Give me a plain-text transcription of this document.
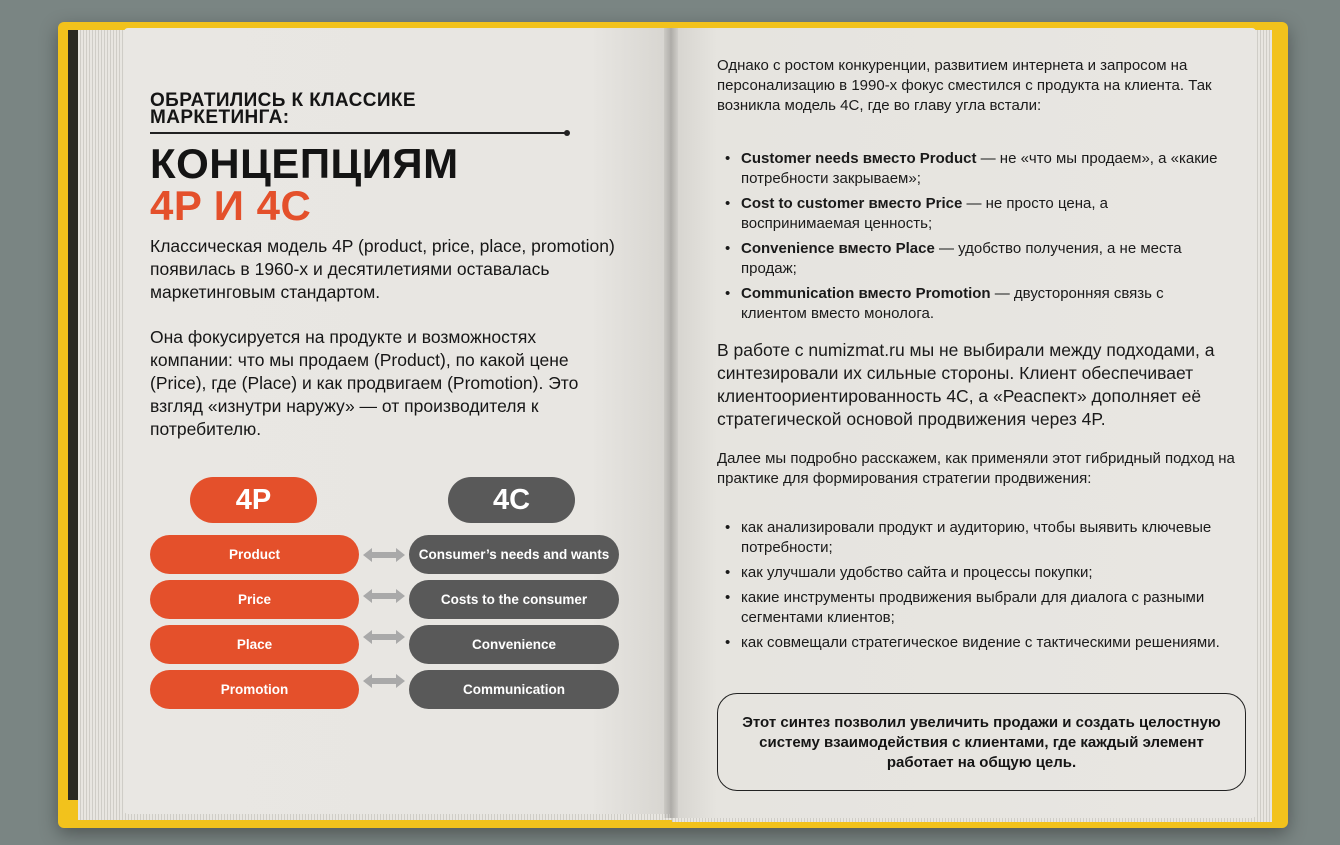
ОБРАТИЛИСЬ К КЛАССИКЕ МАРКЕТИНГА:
КОНЦЕПЦИЯМ
4P И 4C

Классическая модель 4P (product, price, place, promotion) появилась в 1960-х и десятилетиями оставалась маркетинговым стандартом.

Она фокусируется на продукте и возможностях компании: что мы продаем (Product), по какой цене (Price), где (Place) и как продвигаем (Promotion). Это взгляд «изнутри наружу» — от производителя к потребителю.

4P	4C
Product	Consumer’s needs and wants
Price	Costs to the consumer
Place	Convenience
Promotion	Communication

Однако с ростом конкуренции, развитием интернета и запросом на персонализацию в 1990-х фокус сместился с продукта на клиента. Так возникла модель 4C, где во главу угла встали:

• Customer needs вместо Product — не «что мы продаем», а «какие потребности закрываем»;
• Cost to customer вместо Price — не просто цена, а воспринимаемая ценность;
• Convenience вместо Place — удобство получения, а не места продаж;
• Communication вместо Promotion — двусторонняя связь с клиентом вместо монолога.

В работе с numizmat.ru мы не выбирали между подходами, а синтезировали их сильные стороны. Клиент обеспечивает клиентоориентированность 4C, а «Реаспект» дополняет её стратегической основой продвижения через 4P.

Далее мы подробно расскажем, как применяли этот гибридный подход на практике для формирования стратегии продвижения:

• как анализировали продукт и аудиторию, чтобы выявить ключевые потребности;
• как улучшали удобство сайта и процессы покупки;
• какие инструменты продвижения выбрали для диалога с разными сегментами клиентов;
• как совмещали стратегическое видение с тактическими решениями.
Этот синтез позволил увеличить продажи и создать целостную систему взаимодействия с клиентами, где каждый элемент работает на общую цель.
